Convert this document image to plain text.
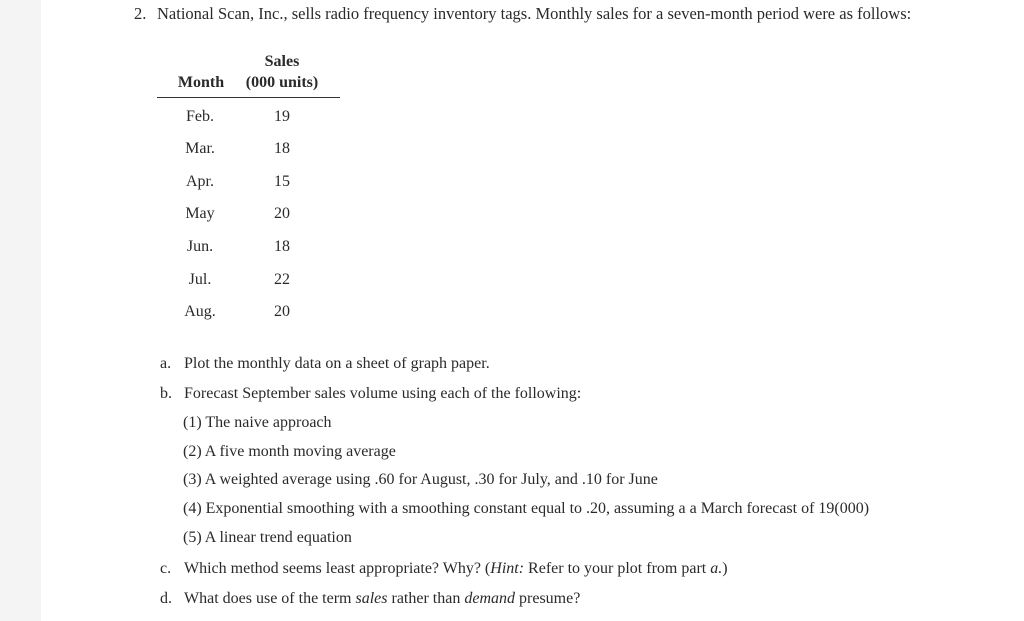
2. National Scan, Inc., sells radio frequency inventory tags. Monthly sales for a seven-month period were as follows:
Sales
Month	(000 units)
Feb.	19
Mar.	18
Apr.	15
May	20
Jun.	18
Jul.	22
Aug.	20
a. Plot the monthly data on a sheet of graph paper.
b. Forecast September sales volume using each of the following:
(1) The naive approach
(2) A five month moving average
(3) A weighted average using .60 for August, .30 for July, and .10 for June
(4) Exponential smoothing with a smoothing constant equal to .20, assuming a a March forecast of 19(000)
(5) A linear trend equation
c. Which method seems least appropriate? Why? (Hint: Refer to your plot from part a.)
d. What does use of the term sales rather than demand presume?
